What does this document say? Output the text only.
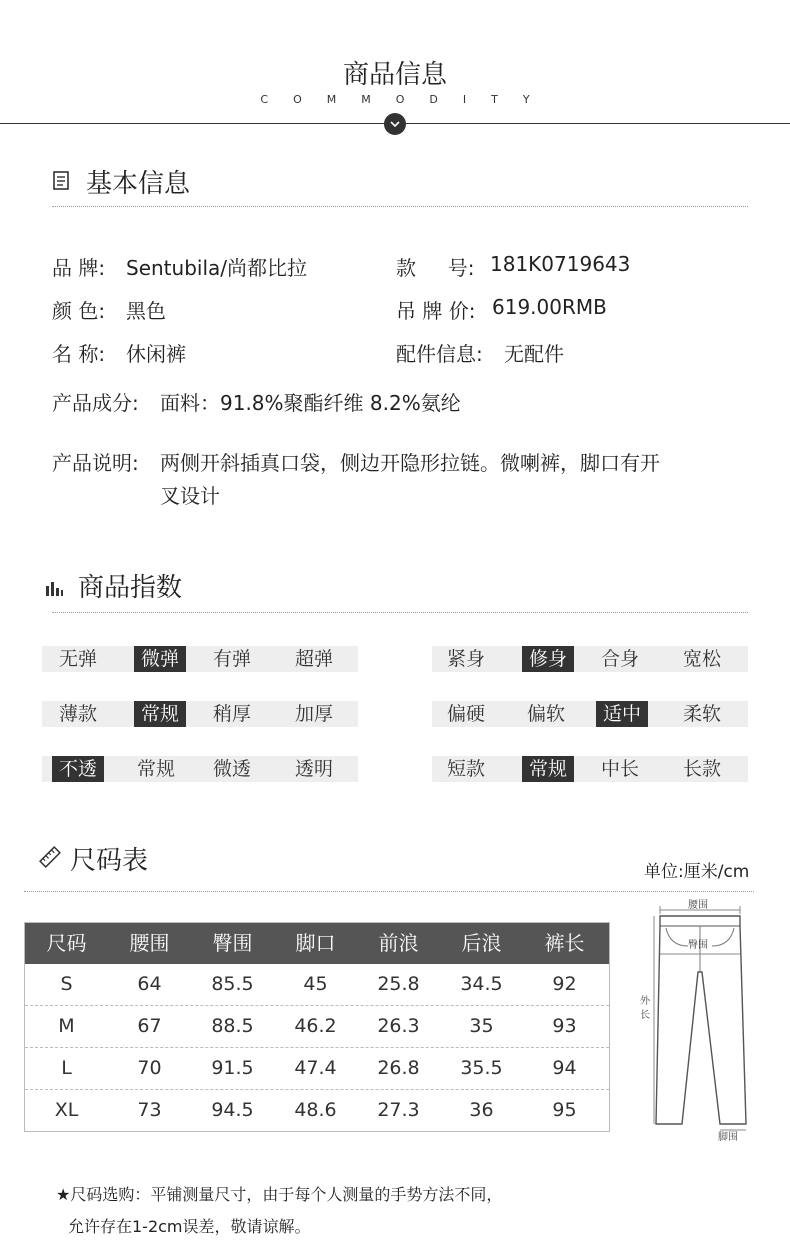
商品信息
COMMODITY
基本信息
品 牌: Sentubila/尚都比拉	款     号: 181K0719643
颜 色: 黑色	吊 牌 价: 619.00RMB
名 称: 休闲裤	配件信息: 无配件
产品成分: 面料：91.8%聚酯纤维 8.2%氨纶
产品说明: 两侧开斜插真口袋，侧边开隐形拉链。微喇裤，脚口有开
叉设计
商品指数
无弹	微弹	有弹	超弹	紧身	修身	合身	宽松
薄款	常规	稍厚	加厚	偏硬	偏软	适中	柔软
不透	常规	微透	透明	短款	常规	中长	长款
尺码表	单位:厘米/cm
尺码	腰围	臀围	脚口	前浪	后浪	裤长
S	64	85.5	45	25.8	34.5	92
M	67	88.5	46.2	26.3	35	93
L	70	91.5	47.4	26.8	35.5	94
XL	73	94.5	48.6	27.3	36	95
腰围
臀围
外
长
脚围
★尺码选购：平铺测量尺寸，由于每个人测量的手势方法不同，
允许存在1-2cm误差，敬请谅解。
